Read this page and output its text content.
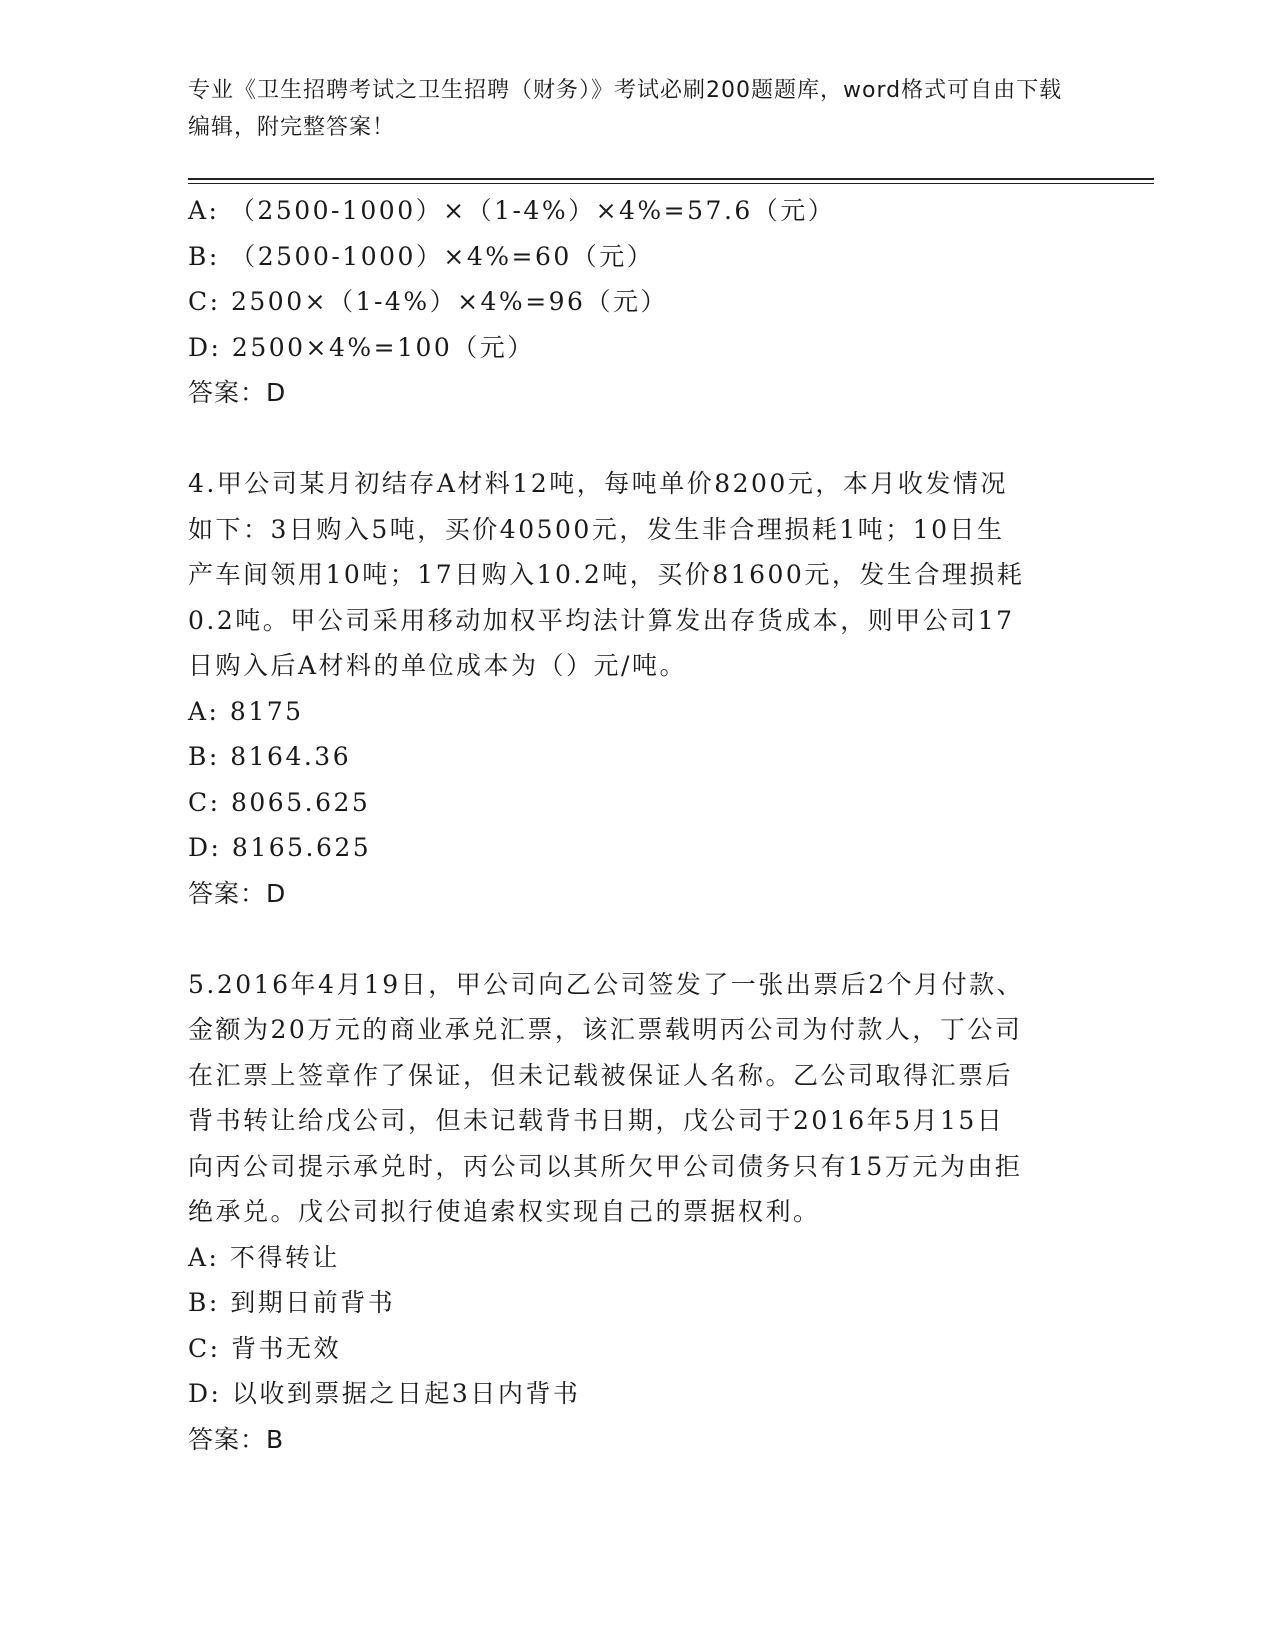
专业《卫生招聘考试之卫生招聘（财务）》考试必刷200题题库，word格式可自由下载编辑，附完整答案！
A: （2500-1000）×（1-4%）×4%=57.6（元）
B: （2500-1000）×4%=60（元）
C: 2500×（1-4%）×4%=96（元）
D: 2500×4%=100（元）
答案：D
4.甲公司某月初结存A材料12吨，每吨单价8200元，本月收发情况
如下：3日购入5吨，买价40500元，发生非合理损耗1吨；10日生
产车间领用10吨；17日购入10.2吨，买价81600元，发生合理损耗
0.2吨。甲公司采用移动加权平均法计算发出存货成本，则甲公司17
日购入后A材料的单位成本为（）元/吨。
A: 8175
B: 8164.36
C: 8065.625
D: 8165.625
答案：D
5.2016年4月19日，甲公司向乙公司签发了一张出票后2个月付款、
金额为20万元的商业承兑汇票，该汇票载明丙公司为付款人，丁公司
在汇票上签章作了保证，但未记载被保证人名称。乙公司取得汇票后
背书转让给戊公司，但未记载背书日期，戊公司于2016年5月15日
向丙公司提示承兑时，丙公司以其所欠甲公司债务只有15万元为由拒
绝承兑。戊公司拟行使追索权实现自己的票据权利。
A: 不得转让
B: 到期日前背书
C: 背书无效
D: 以收到票据之日起3日内背书
答案：B
